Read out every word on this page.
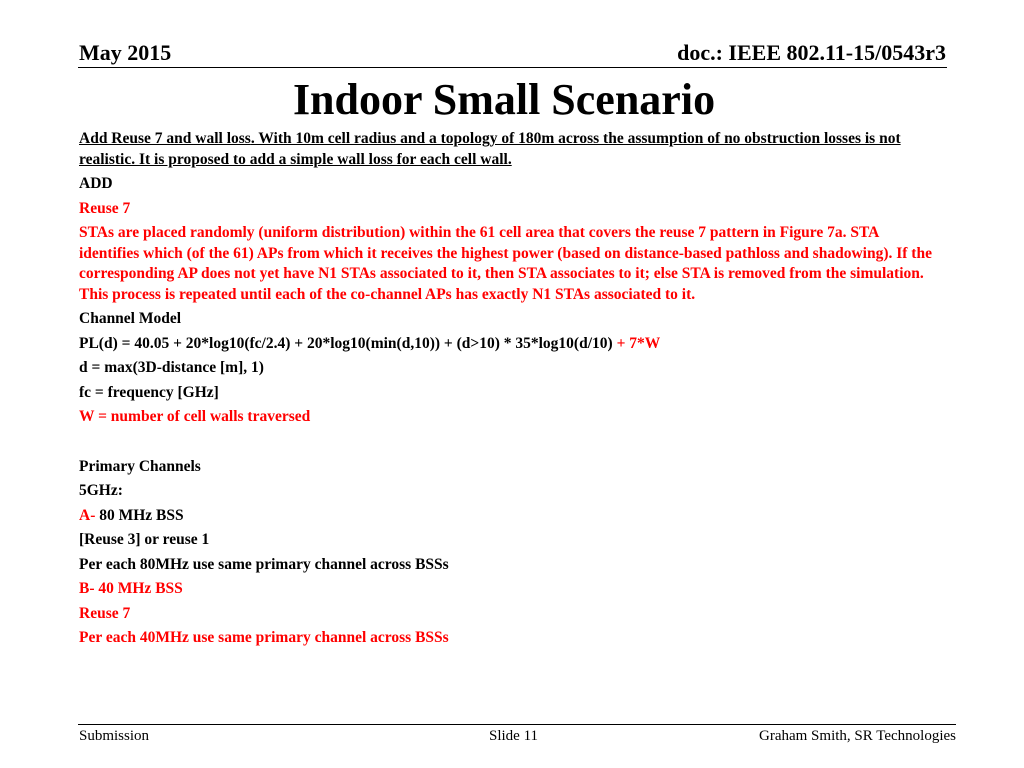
May 2015	doc.: IEEE 802.11-15/0543r3
Indoor Small Scenario

Add Reuse 7 and wall loss. With 10m cell radius and a topology of 180m across the assumption of no obstruction losses is not realistic. It is proposed to add a simple wall loss for each cell wall.

ADD

Reuse 7

STAs are placed randomly (uniform distribution) within the 61 cell area that covers the reuse 7 pattern in Figure 7a. STA identifies which (of the 61) APs from which it receives the highest power (based on distance-based pathloss and shadowing). If the corresponding AP does not yet have N1 STAs associated to it, then STA associates to it; else STA is removed from the simulation. This process is repeated until each of the co-channel APs has exactly N1 STAs associated to it.

Channel Model

PL(d) = 40.05 + 20*log10(fc/2.4) + 20*log10(min(d,10)) + (d>10) * 35*log10(d/10) + 7*W

d = max(3D-distance [m], 1)

fc = frequency [GHz]

W = number of cell walls traversed

Primary Channels

5GHz:

A- 80 MHz BSS

[Reuse 3] or reuse 1

Per each 80MHz use same primary channel across BSSs

B- 40 MHz BSS

Reuse 7

Per each 40MHz use same primary channel across BSSs

Submission	Slide 11	Graham Smith, SR Technologies
